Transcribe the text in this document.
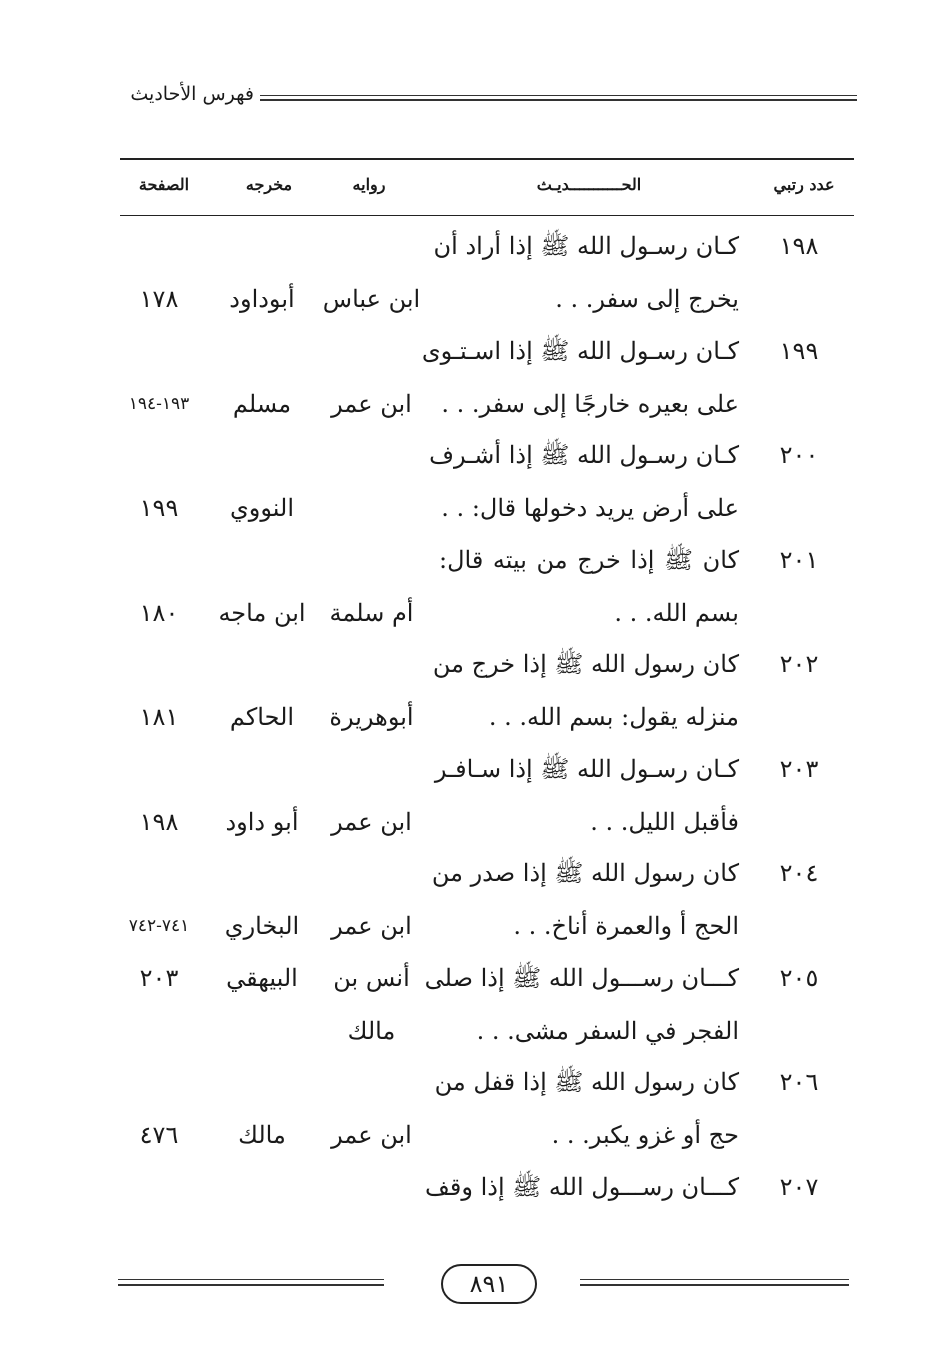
فهرس الأحاديث
عدد رتبي
الحـــــــــــديـث
روايه
مخرجه
الصفحة
١٩٨
كـان رسـول الله ﷺ إذا أراد أن
يخرج إلى سفر. . .
ابن عباس
أبوداود
١٧٨
١٩٩
كـان رسـول الله ﷺ إذا اسـتـوى
على بعيره خارجًا إلى سفر. . .
ابن عمر
مسلم
١٩٣-١٩٤
٢٠٠
كـان رسـول الله ﷺ إذا أشـرف
على أرض يريد دخولها قال: . .
النووي
١٩٩
٢٠١
كان ﷺ إذا خرج من بيته قال:
بسم الله. . .
أم سلمة
ابن ماجه
١٨٠
٢٠٢
كان رسول الله ﷺ إذا خرج من
منزله يقول: بسم الله. . .
أبوهريرة
الحاكم
١٨١
٢٠٣
كـان رسـول الله ﷺ إذا سـافـر
فأقبل الليل. . .
ابن عمر
أبو داود
١٩٨
٢٠٤
كان رسول الله ﷺ إذا صدر من
الحج أ والعمرة أناخ. . .
ابن عمر
البخاري
٧٤١-٧٤٢
٢٠٥
كـــان رســـول الله ﷺ إذا صلى
الفجر في السفر مشى. . .
أنس بن
مالك
البيهقي
٢٠٣
٢٠٦
كان رسول الله ﷺ إذا قفل من
حج أو غزو يكبر. . .
ابن عمر
مالك
٤٧٦
٢٠٧
كـــان رســـول الله ﷺ إذا وقف
٨٩١
